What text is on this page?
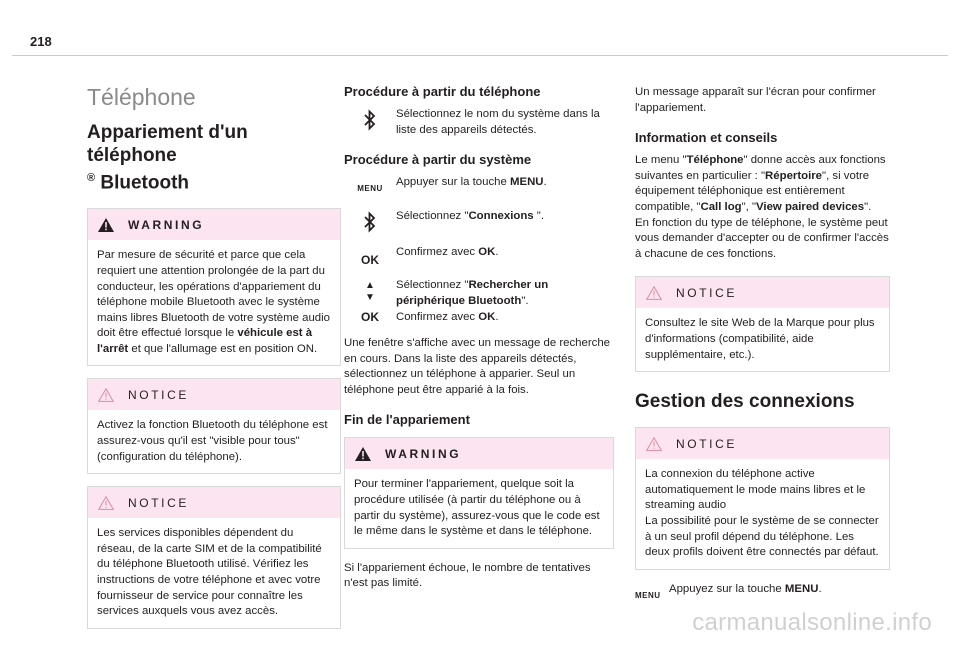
218
Téléphone
Appariement d'un téléphone
® Bluetooth
WARNING

Par mesure de sécurité et parce que cela requiert une attention prolongée de la part du conducteur, les opérations d'appariement du téléphone mobile Bluetooth avec le système mains libres Bluetooth de votre système audio doit être effectué lorsque le véhicule est à l'arrêt et que l'allumage est en position ON.

NOTICE

Activez la fonction Bluetooth du téléphone est assurez-vous qu'il est "visible pour tous" (configuration du téléphone).

NOTICE

Les services disponibles dépendent du réseau, de la carte SIM et de la compatibilité du téléphone Bluetooth utilisé. Vérifiez les instructions de votre téléphone et avec votre fournisseur de service pour connaître les services auxquels vous avez accès.

Procédure à partir du téléphone
Sélectionnez le nom du système dans la liste des appareils détectés.
Procédure à partir du système
MENU
Appuyer sur la touche MENU.
Sélectionnez "Connexions ".
OK
Confirmez avec OK.
▲
▼
OK
Sélectionnez "Rechercher un périphérique Bluetooth".
Confirmez avec OK.

Une fenêtre s'affiche avec un message de recherche en cours. Dans la liste des appareils détectés, sélectionnez un téléphone à apparier. Seul un téléphone peut être apparié à la fois.

Fin de l'appariement
WARNING

Pour terminer l'appariement, quelque soit la procédure utilisée (à partir du téléphone ou à partir du système), assurez-vous que le code est le même dans le système et dans le téléphone.

Si l'appariement échoue, le nombre de tentatives n'est pas limité.

Un message apparaît sur l'écran pour confirmer l'appariement.

Information et conseils

Le menu "Téléphone" donne accès aux fonctions suivantes en particulier : "Répertoire", si votre équipement téléphonique est entièrement compatible, "Call log", "View paired devices".

En fonction du type de téléphone, le système peut vous demander d'accepter ou de confirmer l'accès à chacune de ces fonctions.

NOTICE

Consultez le site Web de la Marque pour plus d'informations (compatibilité, aide supplémentaire, etc.).

Gestion des connexions
NOTICE

La connexion du téléphone active automatiquement le mode mains libres et le streaming audio

La possibilité pour le système de se connecter à un seul profil dépend du téléphone. Les deux profils doivent être connectés par défaut.

MENU
Appuyez sur la touche MENU.
carmanualsonline.info
